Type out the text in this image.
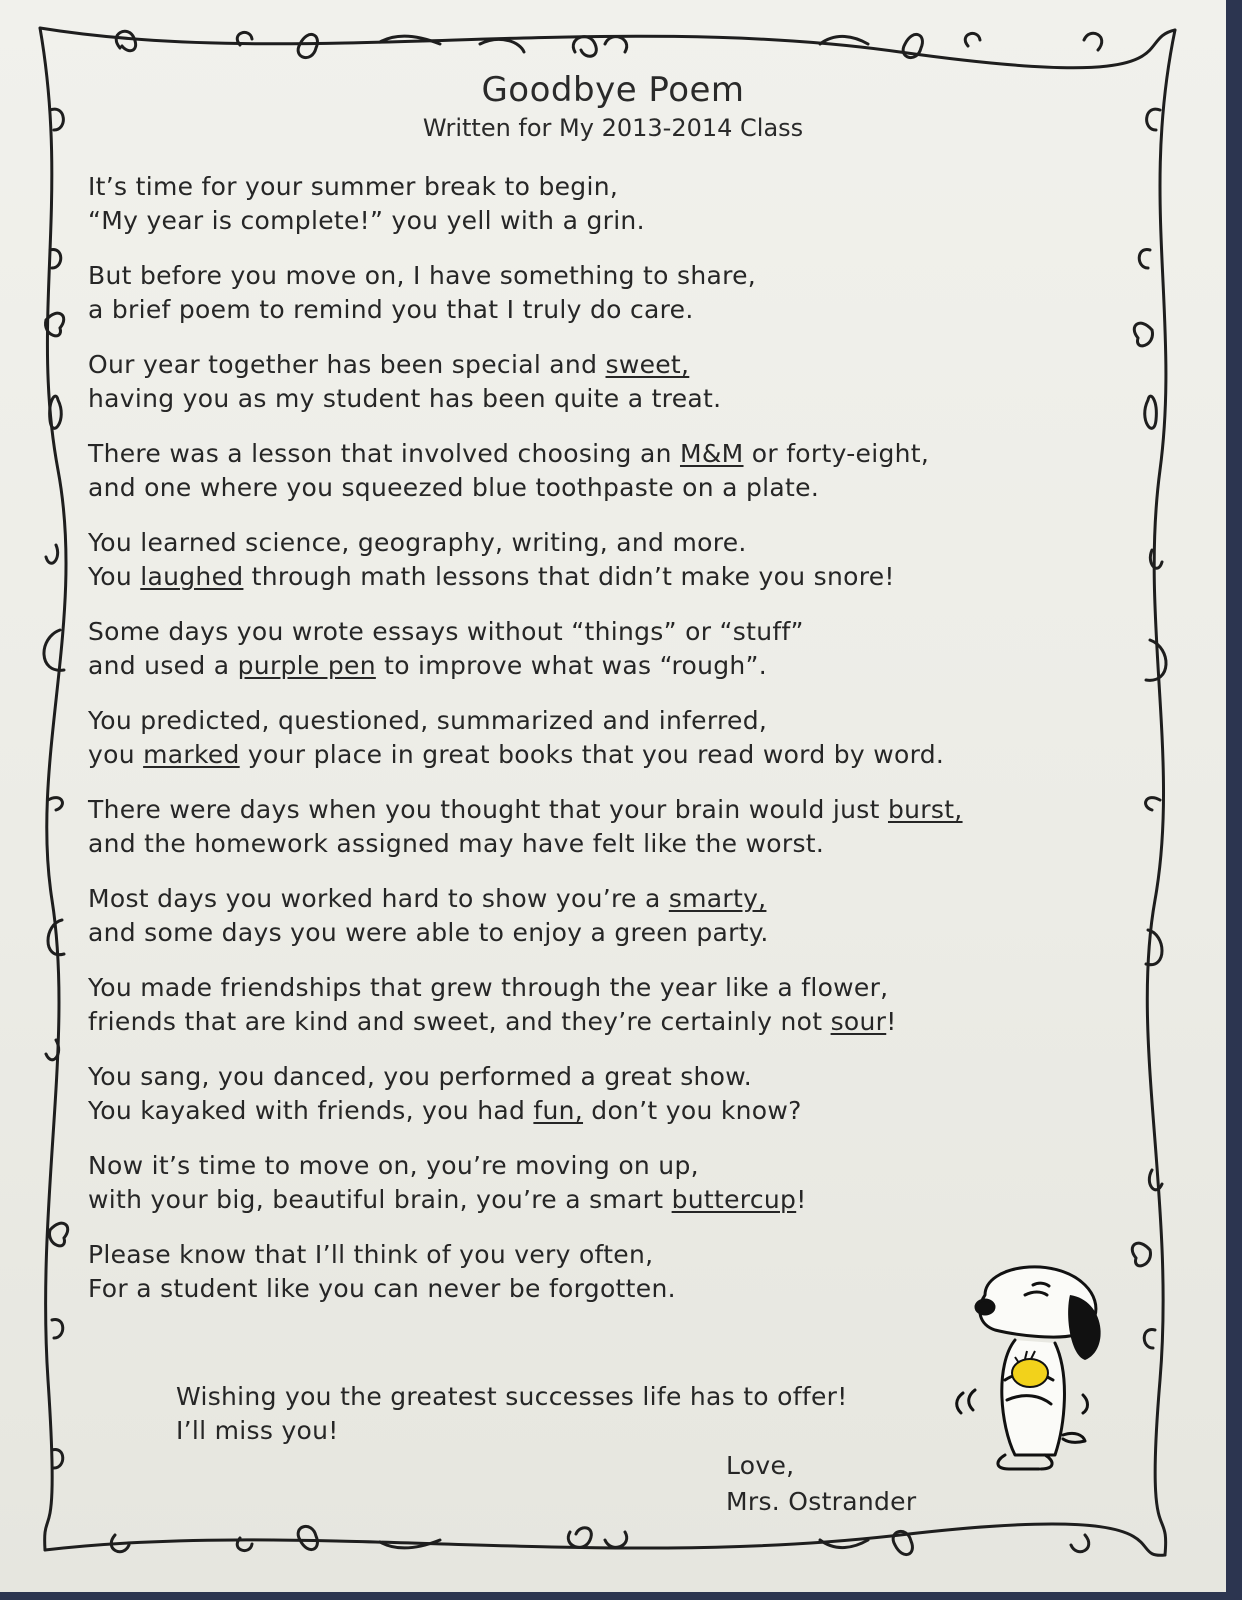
Goodbye Poem
Written for My 2013-2014 Class
It’s time for your summer break to begin,
“My year is complete!” you yell with a grin.
But before you move on, I have something to share,
a brief poem to remind you that I truly do care.
Our year together has been special and sweet,
having you as my student has been quite a treat.
There was a lesson that involved choosing an M&M or forty-eight,
and one where you squeezed blue toothpaste on a plate.
You learned science, geography, writing, and more.
You laughed through math lessons that didn’t make you snore!
Some days you wrote essays without “things” or “stuff”
and used a purple pen to improve what was “rough”.
You predicted, questioned, summarized and inferred,
you marked your place in great books that you read word by word.
There were days when you thought that your brain would just burst,
and the homework assigned may have felt like the worst.
Most days you worked hard to show you’re a smarty,
and some days you were able to enjoy a green party.
You made friendships that grew through the year like a flower,
friends that are kind and sweet, and they’re certainly not sour!
You sang, you danced, you performed a great show.
You kayaked with friends, you had fun, don’t you know?
Now it’s time to move on, you’re moving on up,
with your big, beautiful brain, you’re a smart buttercup!
Please know that I’ll think of you very often,
For a student like you can never be forgotten.
Wishing you the greatest successes life has to offer!
I’ll miss you!
Love,
Mrs. Ostrander
